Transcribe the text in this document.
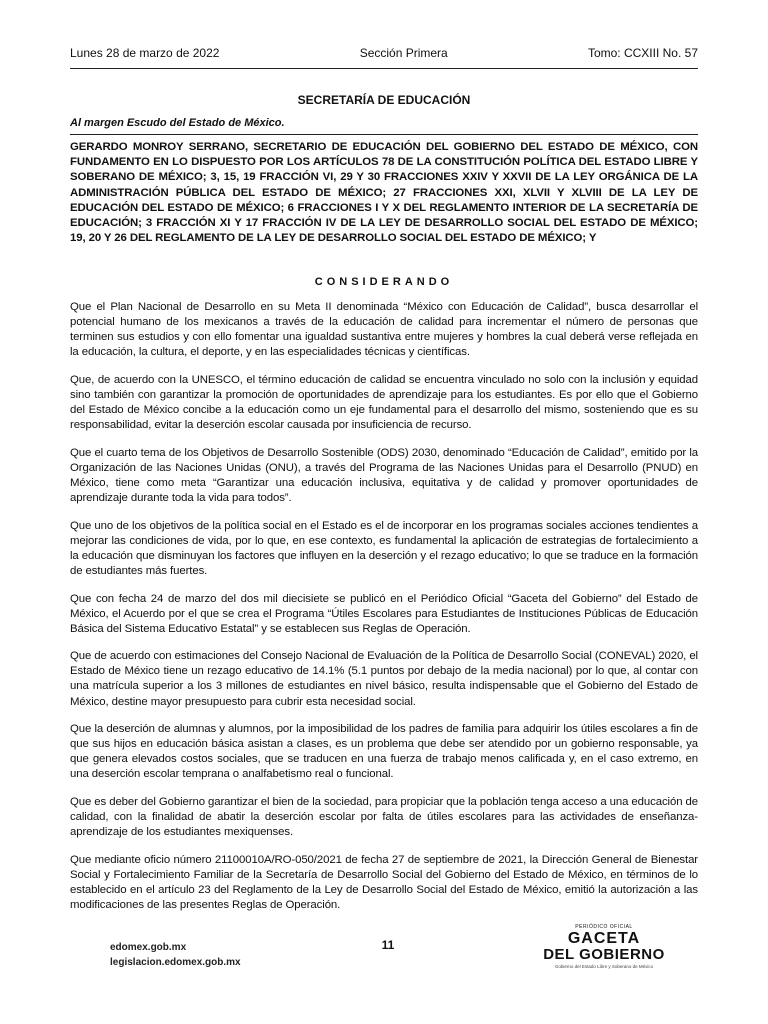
Lunes 28 de marzo de 2022	Sección Primera	Tomo: CCXIII No. 57
SECRETARÍA DE EDUCACIÓN
Al margen Escudo del Estado de México.
GERARDO MONROY SERRANO, SECRETARIO DE EDUCACIÓN DEL GOBIERNO DEL ESTADO DE MÉXICO, CON FUNDAMENTO EN LO DISPUESTO POR LOS ARTÍCULOS 78 DE LA CONSTITUCIÓN POLÍTICA DEL ESTADO LIBRE Y SOBERANO DE MÉXICO; 3, 15, 19 FRACCIÓN VI, 29 Y 30 FRACCIONES XXIV Y XXVII DE LA LEY ORGÁNICA DE LA ADMINISTRACIÓN PÚBLICA DEL ESTADO DE MÉXICO; 27 FRACCIONES XXI, XLVII Y XLVIII DE LA LEY DE EDUCACIÓN DEL ESTADO DE MÉXICO; 6 FRACCIONES I Y X DEL REGLAMENTO INTERIOR DE LA SECRETARÍA DE EDUCACIÓN; 3 FRACCIÓN XI Y 17 FRACCIÓN IV DE LA LEY DE DESARROLLO SOCIAL DEL ESTADO DE MÉXICO; 19, 20 Y 26 DEL REGLAMENTO DE LA LEY DE DESARROLLO SOCIAL DEL ESTADO DE MÉXICO; Y
CONSIDERANDO

Que el Plan Nacional de Desarrollo en su Meta II denominada “México con Educación de Calidad”, busca desarrollar el potencial humano de los mexicanos a través de la educación de calidad para incrementar el número de personas que terminen sus estudios y con ello fomentar una igualdad sustantiva entre mujeres y hombres la cual deberá verse reflejada en la educación, la cultura, el deporte, y en las especialidades técnicas y científicas.

Que, de acuerdo con la UNESCO, el término educación de calidad se encuentra vinculado no solo con la inclusión y equidad sino también con garantizar la promoción de oportunidades de aprendizaje para los estudiantes. Es por ello que el Gobierno del Estado de México concibe a la educación como un eje fundamental para el desarrollo del mismo, sosteniendo que es su responsabilidad, evitar la deserción escolar causada por insuficiencia de recurso.

Que el cuarto tema de los Objetivos de Desarrollo Sostenible (ODS) 2030, denominado “Educación de Calidad”, emitido por la Organización de las Naciones Unidas (ONU), a través del Programa de las Naciones Unidas para el Desarrollo (PNUD) en México, tiene como meta “Garantizar una educación inclusiva, equitativa y de calidad y promover oportunidades de aprendizaje durante toda la vida para todos”.

Que uno de los objetivos de la política social en el Estado es el de incorporar en los programas sociales acciones tendientes a mejorar las condiciones de vida, por lo que, en ese contexto, es fundamental la aplicación de estrategias de fortalecimiento a la educación que disminuyan los factores que influyen en la deserción y el rezago educativo; lo que se traduce en la formación de estudiantes más fuertes.

Que con fecha 24 de marzo del dos mil diecisiete se publicó en el Periódico Oficial “Gaceta del Gobierno” del Estado de México, el Acuerdo por el que se crea el Programa “Útiles Escolares para Estudiantes de Instituciones Públicas de Educación Básica del Sistema Educativo Estatal” y se establecen sus Reglas de Operación.

Que de acuerdo con estimaciones del Consejo Nacional de Evaluación de la Política de Desarrollo Social (CONEVAL) 2020, el Estado de México tiene un rezago educativo de 14.1% (5.1 puntos por debajo de la media nacional) por lo que, al contar con una matrícula superior a los 3 millones de estudiantes en nivel básico, resulta indispensable que el Gobierno del Estado de México, destine mayor presupuesto para cubrir esta necesidad social.

Que la deserción de alumnas y alumnos, por la imposibilidad de los padres de familia para adquirir los útiles escolares a fin de que sus hijos en educación básica asistan a clases, es un problema que debe ser atendido por un gobierno responsable, ya que genera elevados costos sociales, que se traducen en una fuerza de trabajo menos calificada y, en el caso extremo, en una deserción escolar temprana o analfabetismo real o funcional.

Que es deber del Gobierno garantizar el bien de la sociedad, para propiciar que la población tenga acceso a una educación de calidad, con la finalidad de abatir la deserción escolar por falta de útiles escolares para las actividades de enseñanza-aprendizaje de los estudiantes mexiquenses.

Que mediante oficio número 21100010A/RO-050/2021 de fecha 27 de septiembre de 2021, la Dirección General de Bienestar Social y Fortalecimiento Familiar de la Secretaría de Desarrollo Social del Gobierno del Estado de México, en términos de lo establecido en el artículo 23 del Reglamento de la Ley de Desarrollo Social del Estado de México, emitió la autorización a las modificaciones de las presentes Reglas de Operación.

edomex.gob.mx
legislacion.edomex.gob.mx
11
PERIÓDICO OFICIAL
GACETA
DEL GOBIERNO
Gobierno del Estado Libre y Soberano de México
